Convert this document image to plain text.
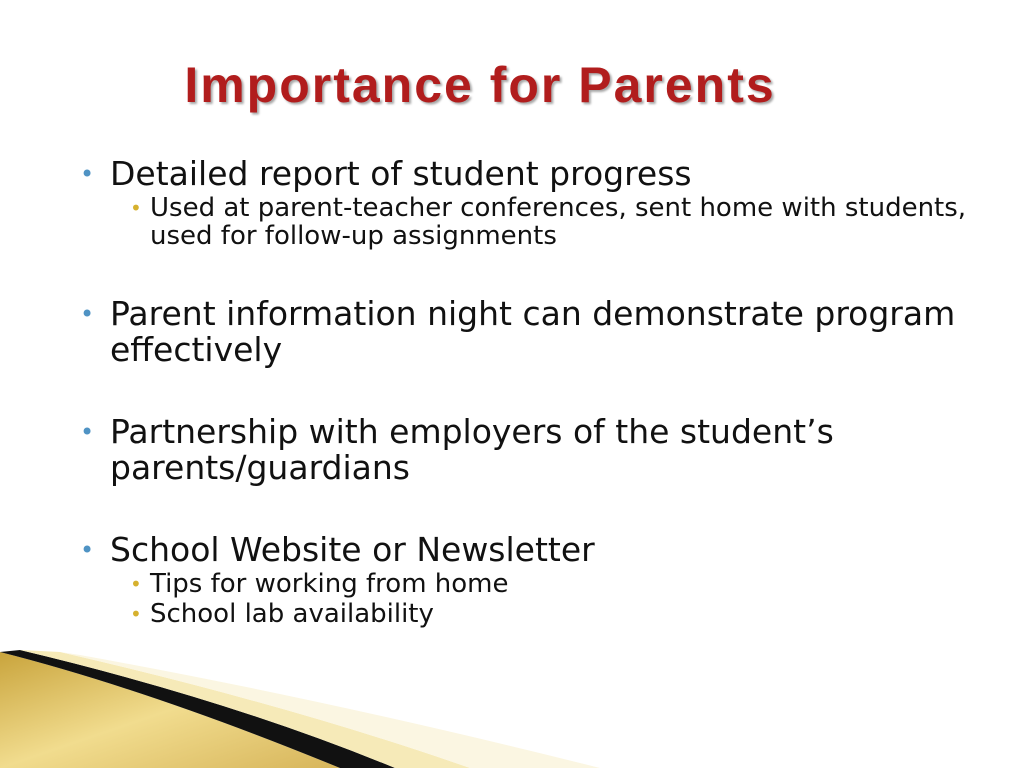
Importance for Parents
• Detailed report of student progress
• Used at parent-teacher conferences, sent home with students, used for follow-up assignments
• Parent information night can demonstrate program effectively
• Partnership with employers of the student’s parents/guardians
• School Website or Newsletter
• Tips for working from home
• School lab availability
